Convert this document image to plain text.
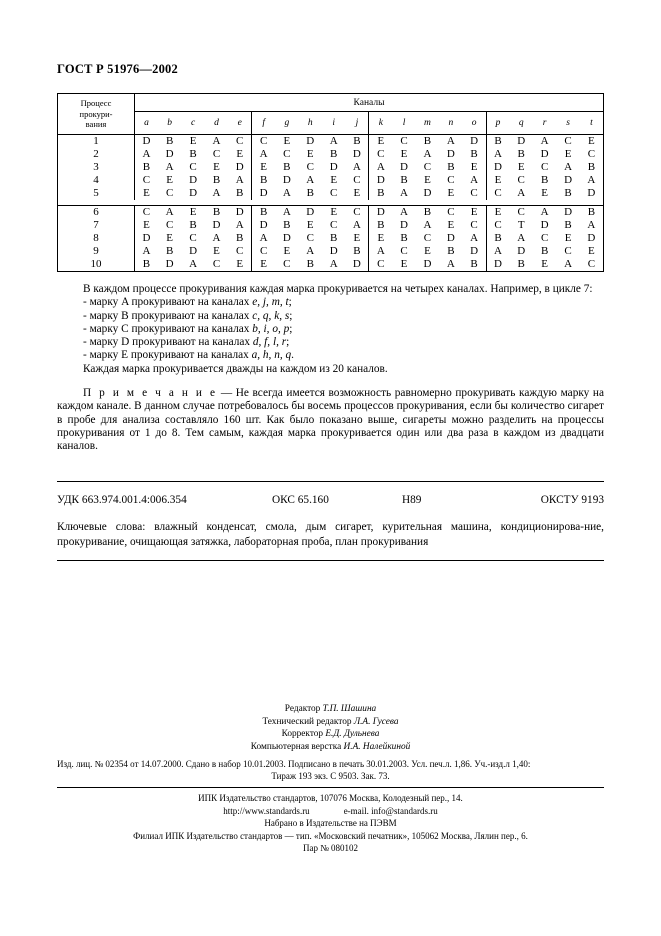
ГОСТ Р 51976—2002
Процесс
прокури-
вания	Каналы																			
	a	b	c	d	e	f	g	h	i	j	k	l	m	n	o	p	q	r	s	t
1	D	B	E	A	C	C	E	D	A	B	E	C	B	A	D	B	D	A	C	E
2	A	D	B	C	E	A	C	E	B	D	C	E	A	D	B	A	B	D	E	C
3	B	A	C	E	D	E	B	C	D	A	A	D	C	B	E	D	E	C	A	B
4	C	E	D	B	A	B	D	A	E	C	D	B	E	C	A	E	C	B	D	A
5	E	C	D	A	B	D	A	B	C	E	B	A	D	E	C	C	A	E	B	D

6	C	A	E	B	D	B	A	D	E	C	D	A	B	C	E	E	C	A	D	B
7	E	C	B	D	A	D	B	E	C	A	B	D	A	E	C	C	T	D	B	A
8	D	E	C	A	B	A	D	C	B	E	E	B	C	D	A	B	A	C	E	D
9	A	B	D	E	C	C	E	A	D	B	A	C	E	B	D	A	D	B	C	E
10	B	D	A	C	E	E	C	B	A	D	C	E	D	A	B	D	B	E	A	C

В каждом процессе прокуривания каждая марка прокуривается на четырех каналах. Например, в цикле 7:

- марку A прокуривают на каналах e, j, m, t;

- марку B прокуривают на каналах c, q, k, s;

- марку C прокуривают на каналах b, i, o, p;

- марку D прокуривают на каналах d, f, l, r;

- марку E прокуривают на каналах a, h, n, q.

Каждая марка прокуривается дважды на каждом из 20 каналов.

П р и м е ч а н и е — Не всегда имеется возможность равномерно прокуривать каждую марку на каждом канале. В данном случае потребовалось бы восемь процессов прокуривания, если бы количество сигарет в пробе для анализа составляло 160 шт. Как было показано выше, сигареты можно разделить на процессы прокуривания от 1 до 8. Тем самым, каждая марка прокуривается один или два раза в каждом из двадцати каналов.

УДК 663.974.001.4:006.354	ОКС 65.160	Н89	ОКСТУ 9193
Ключевые слова: влажный конденсат, смола, дым сигарет, курительная машина, кондиционирова-ние, прокуривание, очищающая затяжка, лабораторная проба, план прокуривания
Редактор Т.П. Шашина
Технический редактор Л.А. Гусева
Корректор Е.Д. Дульнева
Компьютерная верстка И.А. Налейкиной
Изд. лиц. № 02354 от 14.07.2000. Сдано в набор 10.01.2003. Подписано в печать 30.01.2003. Усл. печ.л. 1,86. Уч.-изд.л 1,40:
Тираж 193 экз. С 9503. Зак. 73.
ИПК Издательство стандартов, 107076 Москва, Колодезный пер., 14.
http://www.standards.ru	e-mail. info@standards.ru
Набрано в Издательстве на ПЭВМ
Филиал ИПК Издательство стандартов — тип. «Московский печатник», 105062 Москва, Лялин пер., 6.
Пар № 080102
